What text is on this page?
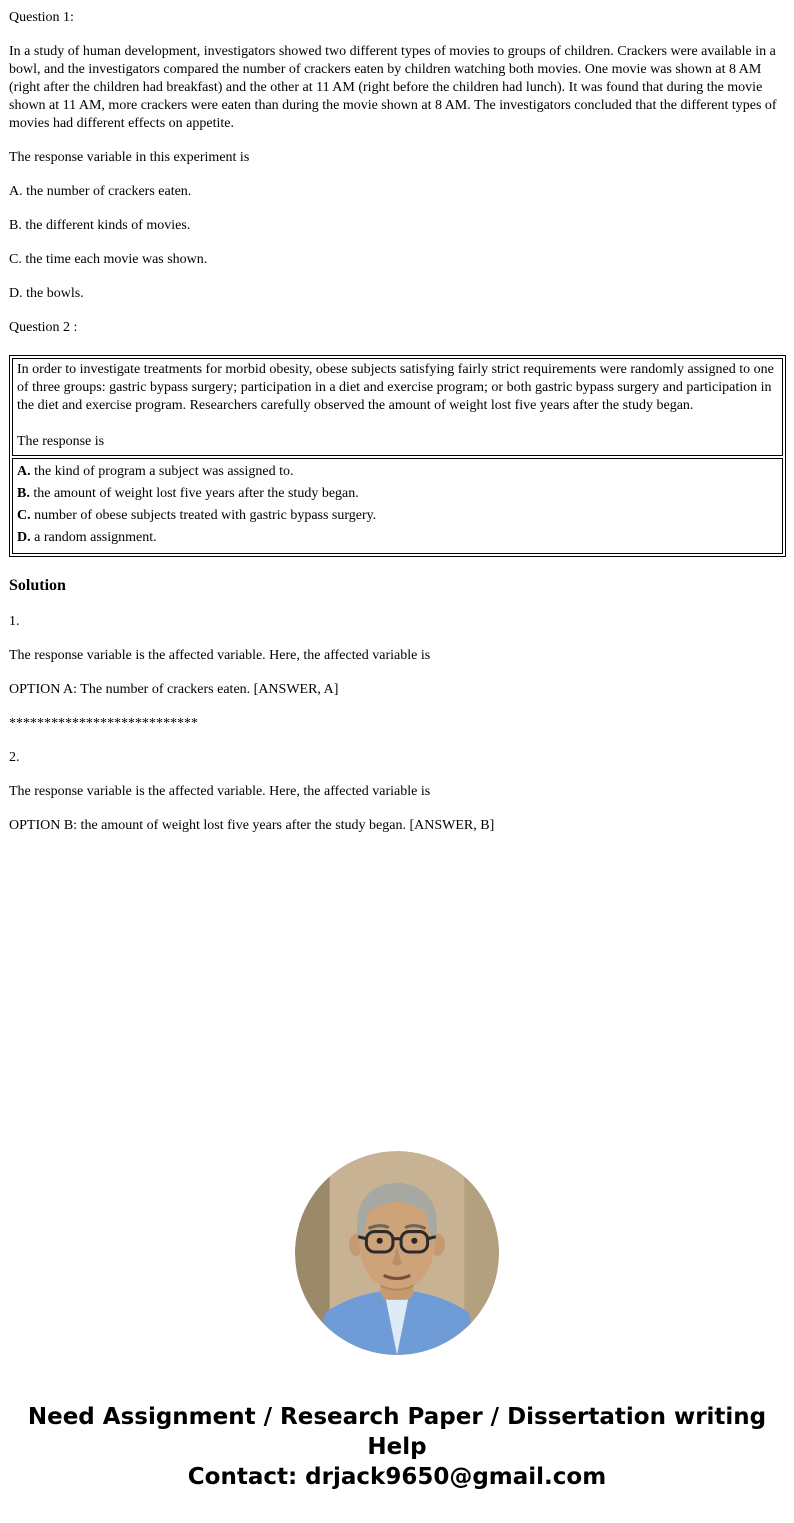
Question 1:

In a study of human development, investigators showed two different types of movies to groups of children. Crackers were available in a bowl, and the investigators compared the number of crackers eaten by children watching both movies. One movie was shown at 8 AM (right after the children had breakfast) and the other at 11 AM (right before the children had lunch). It was found that during the movie shown at 11 AM, more crackers were eaten than during the movie shown at 8 AM. The investigators concluded that the different types of movies had different effects on appetite.

The response variable in this experiment is

A. the number of crackers eaten.

B. the different kinds of movies.

C. the time each movie was shown.

D. the bowls.

Question 2 :

In order to investigate treatments for morbid obesity, obese subjects satisfying fairly strict requirements were randomly assigned to one of three groups: gastric bypass surgery; participation in a diet and exercise program; or both gastric bypass surgery and participation in the diet and exercise program. Researchers carefully observed the amount of weight lost five years after the study began.
The response is
A. the kind of program a subject was assigned to.
B. the amount of weight lost five years after the study began.
C. number of obese subjects treated with gastric bypass surgery.
D. a random assignment.

Solution

1.

The response variable is the affected variable. Here, the affected variable is

OPTION A: The number of crackers eaten. [ANSWER, A]

***************************

2.

The response variable is the affected variable. Here, the affected variable is

OPTION B: the amount of weight lost five years after the study began. [ANSWER, B]

Need Assignment / Research Paper / Dissertation writing Help
Contact: drjack9650@gmail.com
